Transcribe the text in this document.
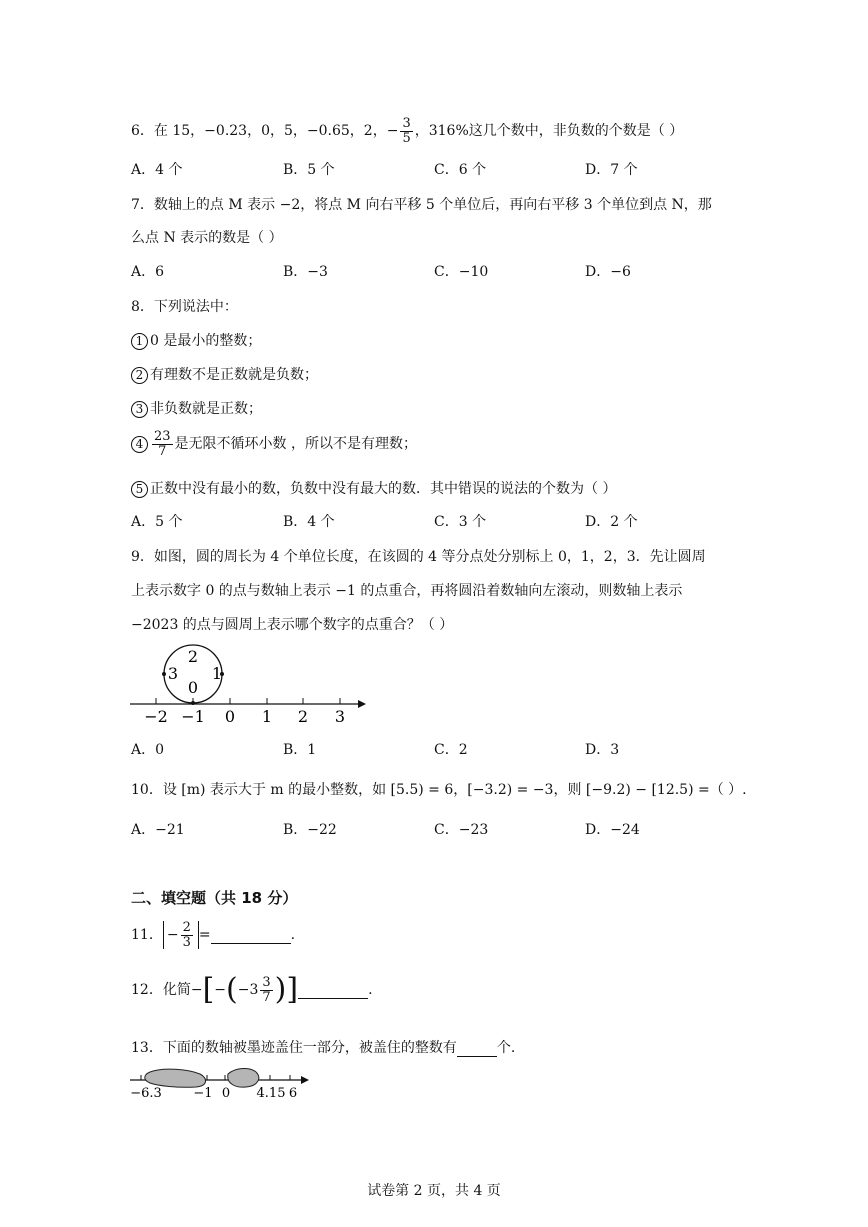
6．在 15，−0.23，0，5，−0.65，2，− $\frac{3}{5}$ ，316%这几个数中，非负数的个数是（ ）
A．4 个	B．5 个	C．6 个	D．7 个
7．数轴上的点 M 表示 −2，将点 M 向右平移 5 个单位后，再向右平移 3 个单位到点 N，那
么点 N 表示的数是（ ）
A．6	B．−3	C．−10	D．−6
8．下列说法中：
1 0 是最小的整数；
2 有理数不是正数就是负数；
3 非负数就是正数；
$4 \frac{23}{7}$ 是无限不循环小数 ，所以不是有理数；
5 正数中没有最小的数，负数中没有最大的数．其中错误的说法的个数为（ ）
A．5 个	B．4 个	C．3 个	D．2 个
9．如图，圆的周长为 4 个单位长度，在该圆的 4 等分点处分别标上 0，1，2，3．先让圆周
上表示数字 0 的点与数轴上表示 −1 的点重合，再将圆沿着数轴向左滚动，则数轴上表示
−2023 的点与圆周上表示哪个数字的点重合？（ ）
2
1
0
3
−2 −1 0 1 2 3
A．0	B．1	C．2	D．3
10．设 [m) 表示大于 m 的最小整数，如 [5.5) = 6，[−3.2) = −3，则 [−9.2) − [12.5) =（ ）.
A．−21	B．−22	C．−23	D．−24
二、填空题（共 18 分）
11． − $\frac{2}{3}$ =	.
12．化简$-[-(-3 \frac{3}{7}$ )]	.
13．下面的数轴被墨迹盖住一部分，被盖住的整数有	个.
−6.3 −1 0 4.15 6
试卷第 2 页，共 4 页
